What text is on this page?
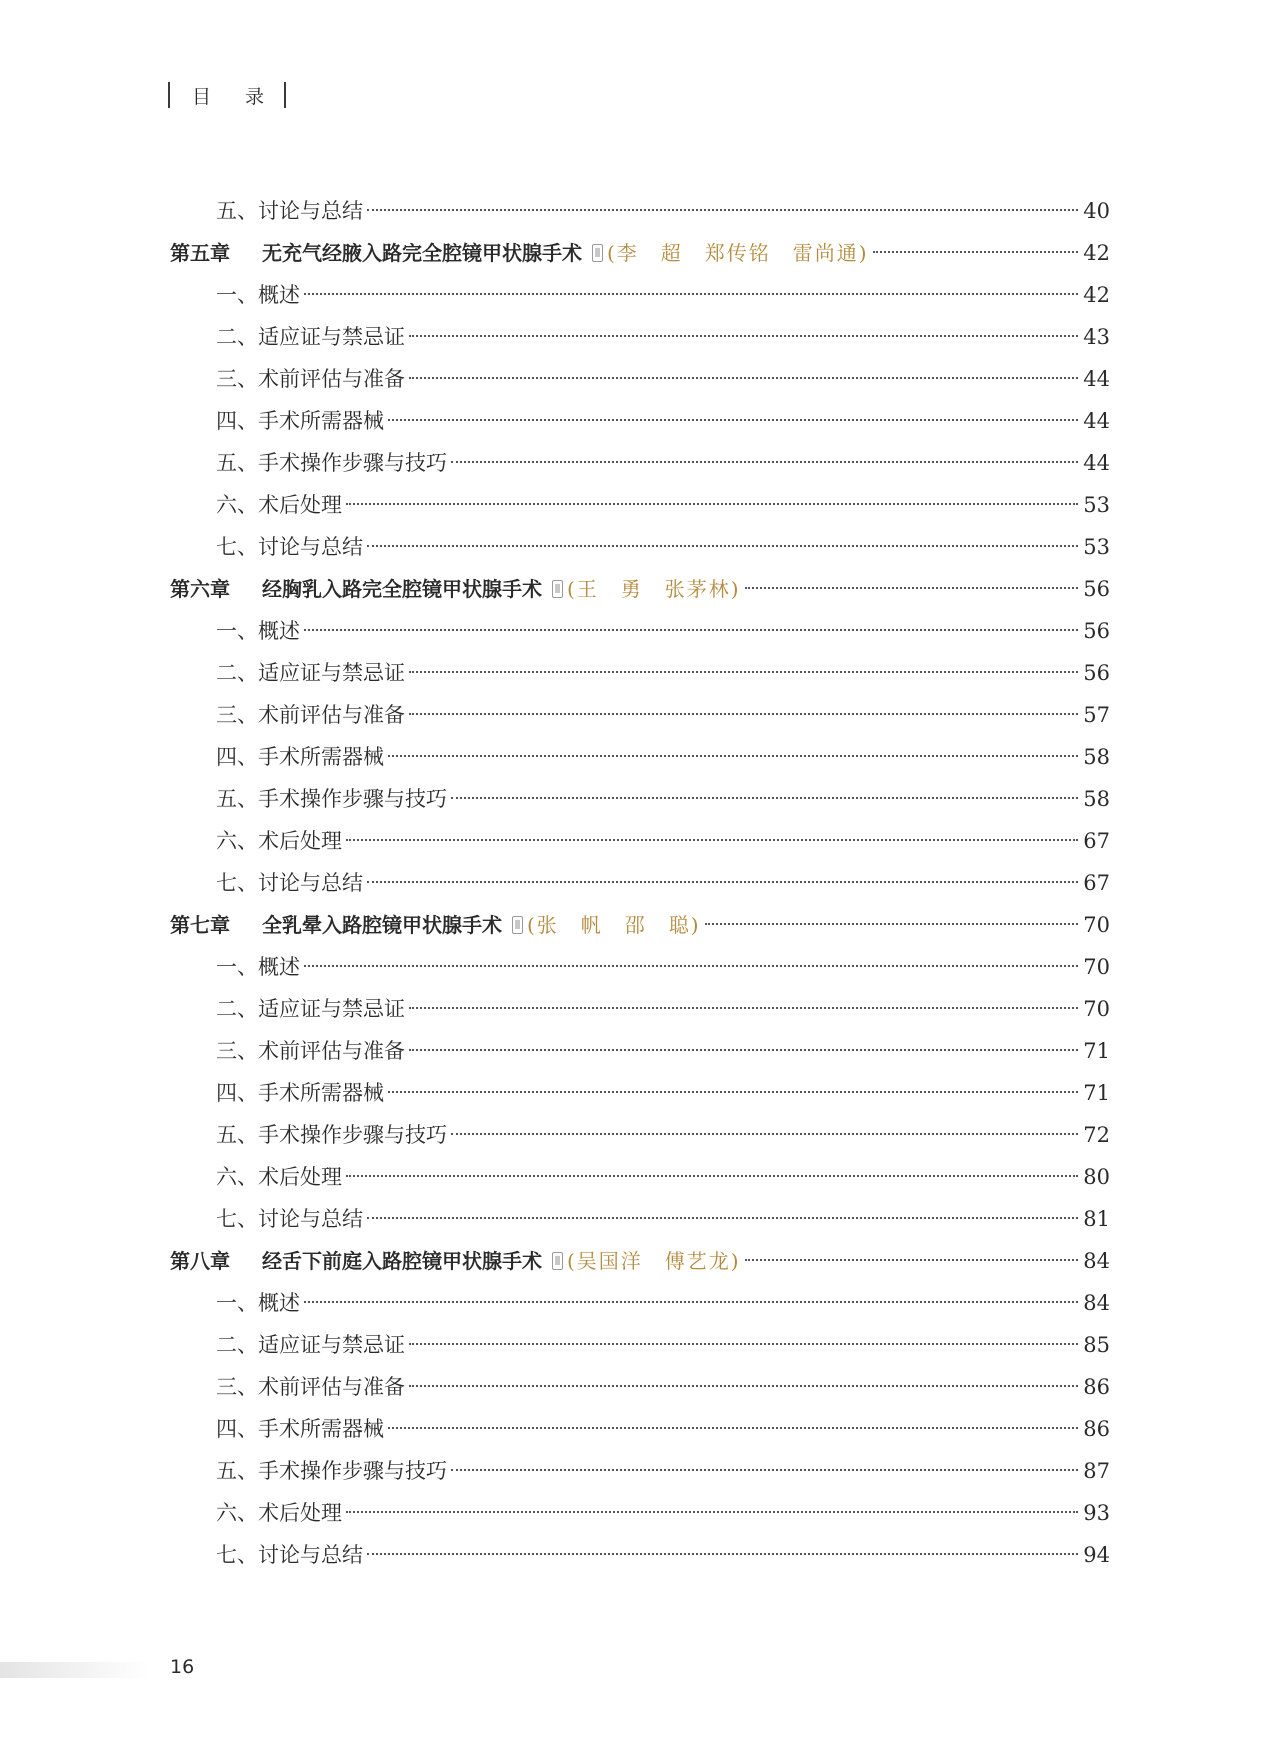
目 录
五、讨论与总结	40
第五章	无充气经腋入路完全腔镜甲状腺手术 (李　超　郑传铭　雷尚通)	42
一、概述	42
二、适应证与禁忌证	43
三、术前评估与准备	44
四、手术所需器械	44
五、手术操作步骤与技巧	44
六、术后处理	53
七、讨论与总结	53
第六章	经胸乳入路完全腔镜甲状腺手术 (王　勇　张茅林)	56
一、概述	56
二、适应证与禁忌证	56
三、术前评估与准备	57
四、手术所需器械	58
五、手术操作步骤与技巧	58
六、术后处理	67
七、讨论与总结	67
第七章	全乳晕入路腔镜甲状腺手术 (张　帆　邵　聪)	70
一、概述	70
二、适应证与禁忌证	70
三、术前评估与准备	71
四、手术所需器械	71
五、手术操作步骤与技巧	72
六、术后处理	80
七、讨论与总结	81
第八章	经舌下前庭入路腔镜甲状腺手术 (吴国洋　傅艺龙)	84
一、概述	84
二、适应证与禁忌证	85
三、术前评估与准备	86
四、手术所需器械	86
五、手术操作步骤与技巧	87
六、术后处理	93
七、讨论与总结	94
16
